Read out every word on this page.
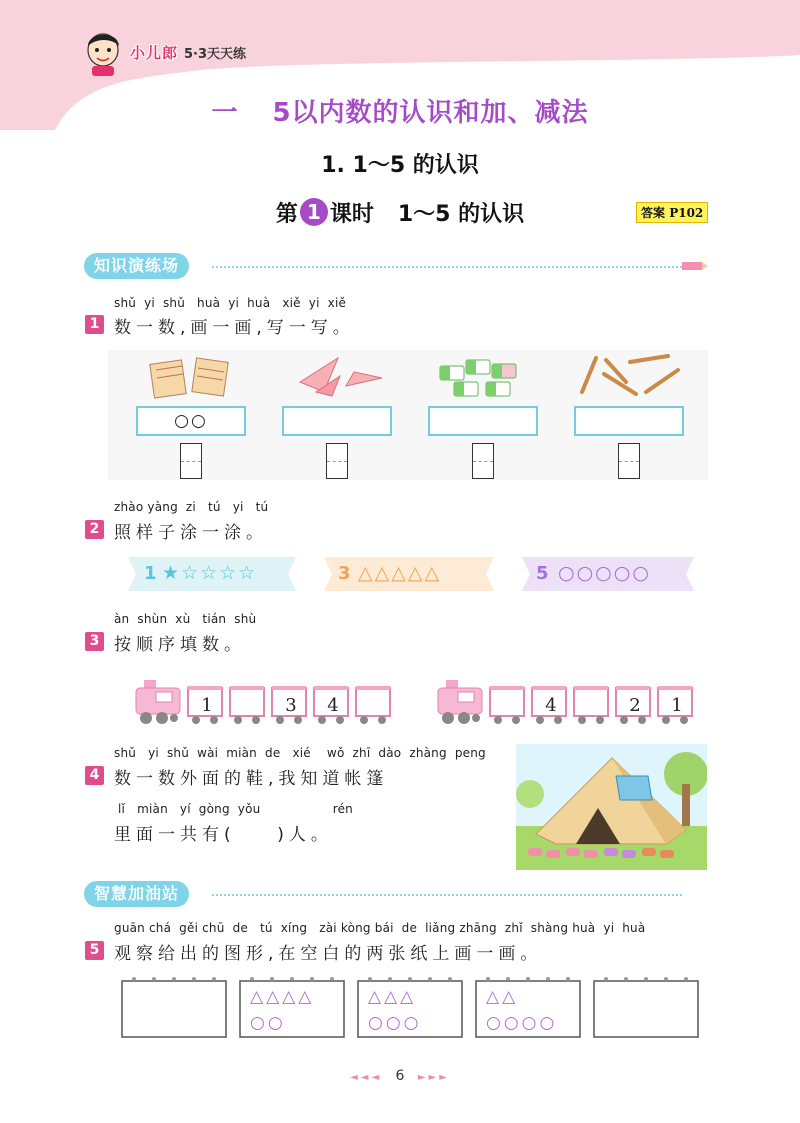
小儿郎 5·3天天练
一 5以内数的认识和加、减法
1. 1～5 的认识
第 1 课时 1～5 的认识	答案 P102
知识演练场
shǔ  yi  shǔ   huà  yi  huà   xiě  yi  xiě
1 数一数,画一画,写一写。
○○
zhào yàng  zi   tú   yi   tú
2 照样子涂一涂。
1 ★☆☆☆☆	3 △△△△△	5 ○○○○○
àn  shùn  xù   tián  shù
3 按顺序填数。
1	3 4	4	2 1
shǔ   yi  shǔ  wài  miàn  de   xié    wǒ  zhī  dào  zhàng  peng
4 数一数外面的鞋,我知道帐篷
lǐ   miàn   yí  gòng  yǒu                  rén
里面一共有(    )人。
智慧加油站
guān chá  gěi chū  de   tú  xíng   zài kòng bái  de  liǎng zhāng  zhǐ  shàng huà  yi  huà
5 观察给出的图形,在空白的两张纸上画一画。
△△△△
○○
△△△
○○○
△△
○○○○
◄◄◄ 6 ►►►
